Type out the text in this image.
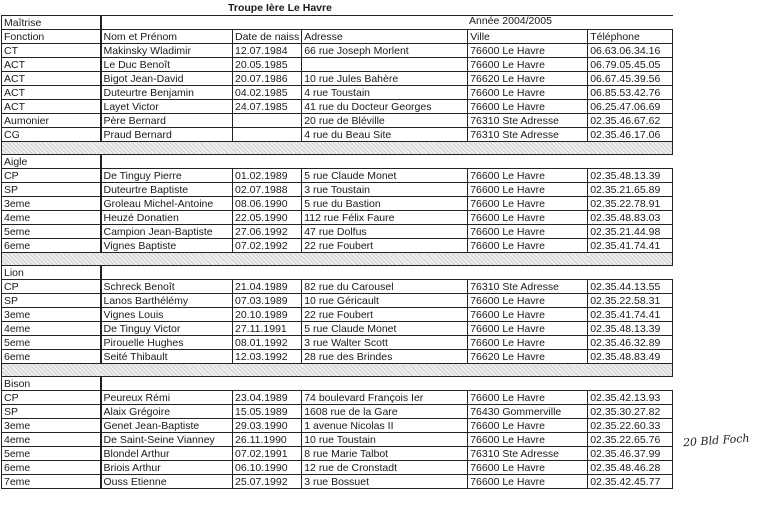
Troupe Ière Le Havre
Année 2004/2005
Maîtrise					
Fonction	Nom et Prénom	Date de naiss	Adresse	Ville	Téléphone
CT	Makinsky Wladimir	12.07.1984	66 rue Joseph Morlent	76600 Le Havre	06.63.06.34.16
ACT	Le Duc Benoît	20.05.1985		76600 Le Havre	06.79.05.45.05
ACT	Bigot Jean-David	20.07.1986	10 rue Jules Bahère	76620 Le Havre	06.67.45.39.56
ACT	Duteurtre Benjamin	04.02.1985	4 rue Toustain	76600 Le Havre	06.85.53.42.76
ACT	Layet Victor	24.07.1985	41 rue du Docteur Georges	76600 Le Havre	06.25.47.06.69
Aumonier	Père Bernard		20 rue de Bléville	76310 Ste Adresse	02.35.46.67.62
CG	Praud Bernard		4 rue du Beau Site	76310 Ste Adresse	02.35.46.17.06

Aigle					
CP	De Tinguy Pierre	01.02.1989	5 rue Claude Monet	76600 Le Havre	02.35.48.13.39
SP	Duteurtre Baptiste	02.07.1988	3 rue Toustain	76600 Le Havre	02.35.21.65.89
3eme	Groleau Michel-Antoine	08.06.1990	5 rue du Bastion	76600 Le Havre	02.35.22.78.91
4eme	Heuzé Donatien	22.05.1990	112 rue Félix Faure	76600 Le Havre	02.35.48.83.03
5eme	Campion Jean-Baptiste	27.06.1992	47 rue Dolfus	76600 Le Havre	02.35.21.44.98
6eme	Vignes Baptiste	07.02.1992	22 rue Foubert	76600 Le Havre	02.35.41.74.41

Lion					
CP	Schreck Benoît	21.04.1989	82 rue du Carousel	76310 Ste Adresse	02.35.44.13.55
SP	Lanos Barthélémy	07.03.1989	10 rue Géricault	76600 Le Havre	02.35.22.58.31
3eme	Vignes Louis	20.10.1989	22 rue Foubert	76600 Le Havre	02.35.41.74.41
4eme	De Tinguy Victor	27.11.1991	5 rue Claude Monet	76600 Le Havre	02.35.48.13.39
5eme	Pirouelle Hughes	08.01.1992	3 rue Walter Scott	76600 Le Havre	02.35.46.32.89
6eme	Seité Thibault	12.03.1992	28 rue des Brindes	76620 Le Havre	02.35.48.83.49

Bison					
CP	Peureux Rémi	23.04.1989	74 boulevard François Ier	76600 Le Havre	02.35.42.13.93
SP	Alaix Grégoire	15.05.1989	1608 rue de la Gare	76430 Gommerville	02.35.30.27.82
3eme	Genet Jean-Baptiste	29.03.1990	1 avenue Nicolas II	76600 Le Havre	02.35.22.60.33
4eme	De Saint-Seine Vianney	26.11.1990	10 rue Toustain	76600 Le Havre	02.35.22.65.76
5eme	Blondel Arthur	07.02.1991	8 rue Marie Talbot	76310 Ste Adresse	02.35.46.37.99
6eme	Briois Arthur	06.10.1990	12 rue de Cronstadt	76600 Le Havre	02.35.48.46.28
7eme	Ouss Etienne	25.07.1992	3 rue Bossuet	76600 Le Havre	02.35.42.45.77
20 Bld Foch
